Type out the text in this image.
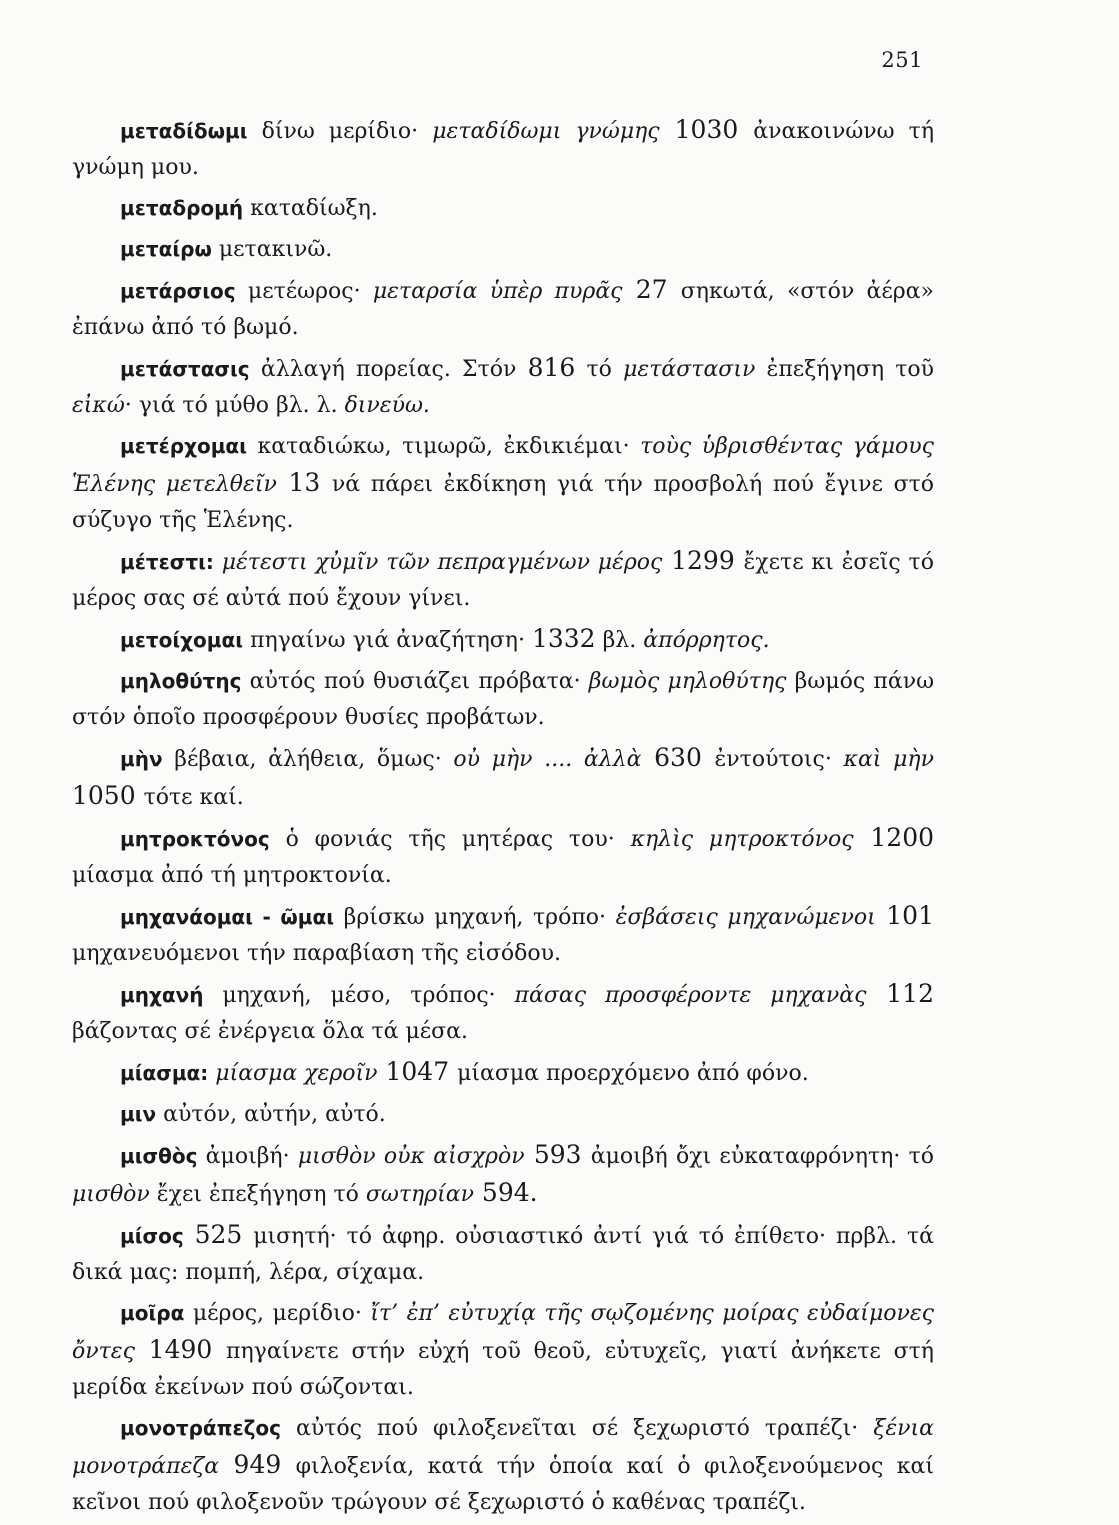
251

μεταδίδωμι δίνω μερίδιο· μεταδίδωμι γνώμης 1030 ἀνακοινώνω τή γνώμη μου.

μεταδρομή καταδίωξη.

μεταίρω μετακινῶ.

μετάρσιος μετέωρος· μεταρσία ὑπὲρ πυρᾶς 27 σηκωτά, «στόν ἀέρα» ἐπάνω ἀπό τό βωμό.

μετάστασις ἀλλαγή πορείας. Στόν 816 τό μετάστασιν ἐπεξήγηση τοῦ εἰκώ· γιά τό μύθο βλ. λ. δινεύω.

μετέρχομαι καταδιώκω, τιμωρῶ, ἐκδικιέμαι· τοὺς ὑβρισθέντας γάμους Ἑλένης μετελθεῖν 13 νά πάρει ἐκδίκηση γιά τήν προσβολή πού ἔγινε στό σύζυγο τῆς Ἑλένης.

μέτεστι: μέτεστι χὐμῖν τῶν πεπραγμένων μέρος 1299 ἔχετε κι ἐσεῖς τό μέρος σας σέ αὐτά πού ἔχουν γίνει.

μετοίχομαι πηγαίνω γιά ἀναζήτηση· 1332 βλ. ἀπόρρητος.

μηλοθύτης αὐτός πού θυσιάζει πρόβατα· βωμὸς μηλοθύτης βωμός πάνω στόν ὁποῖο προσφέρουν θυσίες προβάτων.

μὴν βέβαια, ἀλήθεια, ὅμως· οὐ μὴν .... ἀλλὰ 630 ἐντούτοις· καὶ μὴν 1050 τότε καί.

μητροκτόνος ὁ φονιάς τῆς μητέρας του· κηλὶς μητροκτόνος 1200 μίασμα ἀπό τή μητροκτονία.

μηχανάομαι - ῶμαι βρίσκω μηχανή, τρόπο· ἐσβάσεις μηχανώμενοι 101 μηχανευόμενοι τήν παραβίαση τῆς εἰσόδου.

μηχανή μηχανή, μέσο, τρόπος· πάσας προσφέροντε μηχανὰς 112 βάζοντας σέ ἐνέργεια ὅλα τά μέσα.

μίασμα: μίασμα χεροῖν 1047 μίασμα προερχόμενο ἀπό φόνο.

μιν αὐτόν, αὐτήν, αὐτό.

μισθὸς ἀμοιβή· μισθὸν οὐκ αἰσχρὸν 593 ἀμοιβή ὄχι εὐκαταφρόνητη· τό μισθὸν ἔχει ἐπεξήγηση τό σωτηρίαν 594.

μίσος 525 μισητή· τό ἀφηρ. οὐσιαστικό ἀντί γιά τό ἐπίθετο· πρβλ. τά δικά μας: πομπή, λέρα, σίχαμα.

μοῖρα μέρος, μερίδιο· ἴτ’ ἐπ’ εὐτυχίᾳ τῆς σῳζομένης μοίρας εὐδαίμονες ὄντες 1490 πηγαίνετε στήν εὐχή τοῦ θεοῦ, εὐτυχεῖς, γιατί ἀνήκετε στή μερίδα ἐκείνων πού σώζονται.

μονοτράπεζος αὐτός πού φιλοξενεῖται σέ ξεχωριστό τραπέζι· ξένια μονοτράπεζα 949 φιλοξενία, κατά τήν ὁποία καί ὁ φιλοξενούμενος καί κεῖνοι πού φιλοξενοῦν τρώγουν σέ ξεχωριστό ὁ καθένας τραπέζι.
